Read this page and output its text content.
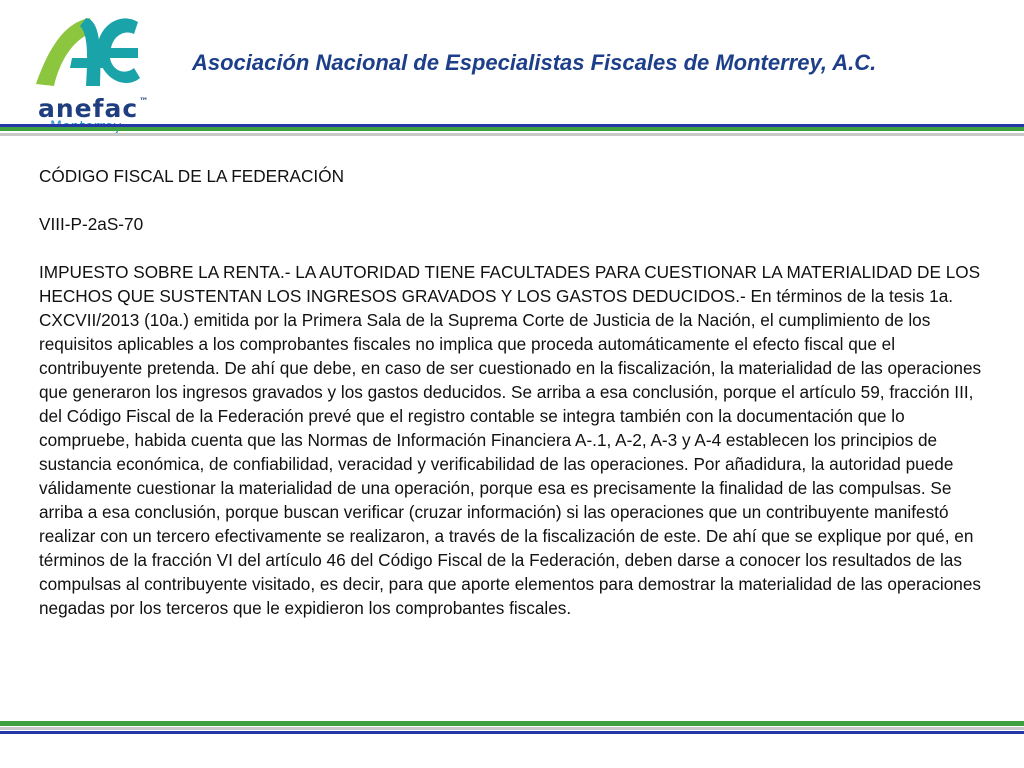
anefac™
Asociación Nacional de Especialistas Fiscales de Monterrey, A.C.

CÓDIGO FISCAL DE LA FEDERACIÓN

VIII-P-2aS-70

IMPUESTO SOBRE LA RENTA.- LA AUTORIDAD TIENE FACULTADES PARA CUESTIONAR LA MATERIALIDAD DE LOS HECHOS QUE SUSTENTAN LOS INGRESOS GRAVADOS Y LOS GASTOS DEDUCIDOS.- En términos de la tesis 1a. CXCVII/2013 (10a.) emitida por la Primera Sala de la Suprema Corte de Justicia de la Nación, el cumplimiento de los requisitos aplicables a los comprobantes fiscales no implica que proceda automáticamente el efecto fiscal que el contribuyente pretenda. De ahí que debe, en caso de ser cuestionado en la fiscalización, la materialidad de las operaciones que generaron los ingresos gravados y los gastos deducidos. Se arriba a esa conclusión, porque el artículo 59, fracción III, del Código Fiscal de la Federación prevé que el registro contable se integra también con la documentación que lo compruebe, habida cuenta que las Normas de Información Financiera A-.1, A-2, A-3 y A-4 establecen los principios de sustancia económica, de confiabilidad, veracidad y verificabilidad de las operaciones. Por añadidura, la autoridad puede válidamente cuestionar la materialidad de una operación, porque esa es precisamente la finalidad de las compulsas. Se arriba a esa conclusión, porque buscan verificar (cruzar información) si las operaciones que un contribuyente manifestó realizar con un tercero efectivamente se realizaron, a través de la fiscalización de este. De ahí que se explique por qué, en términos de la fracción VI del artículo 46 del Código Fiscal de la Federación, deben darse a conocer los resultados de las compulsas al contribuyente visitado, es decir, para que aporte elementos para demostrar la materialidad de las operaciones negadas por los terceros que le expidieron los comprobantes fiscales.
